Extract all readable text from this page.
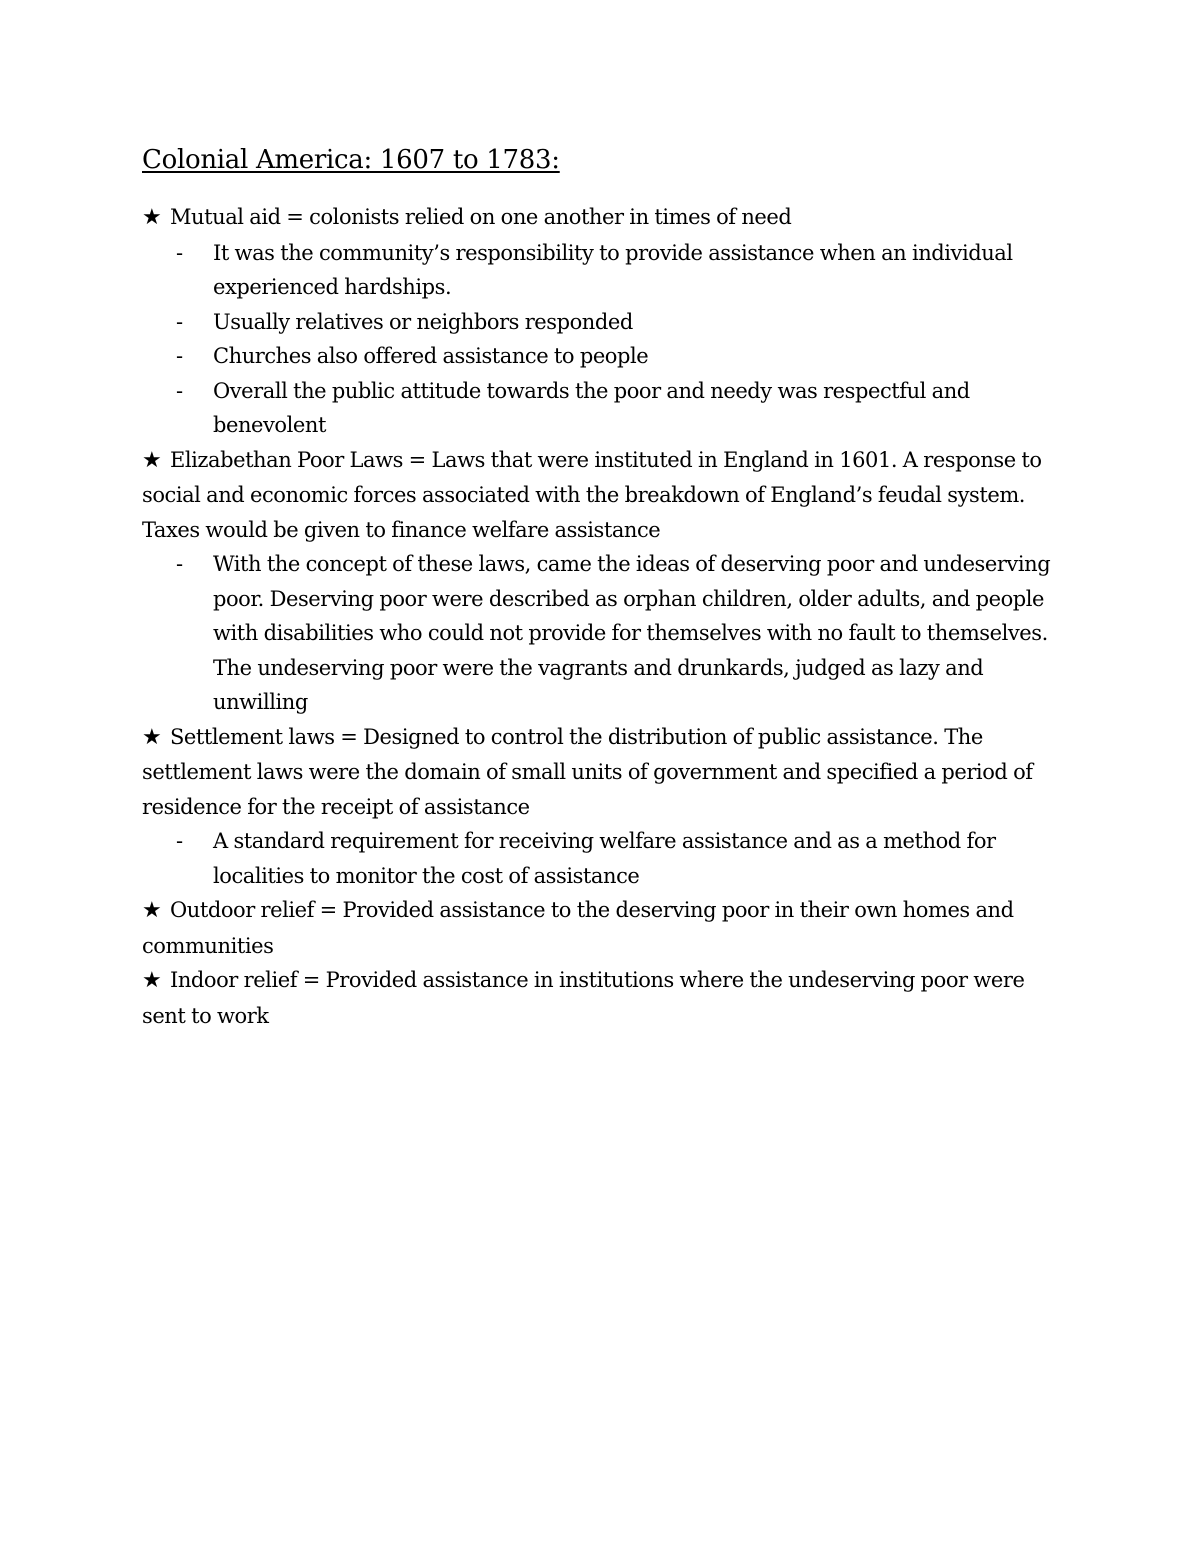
Colonial America: 1607 to 1783:
★ Mutual aid = colonists relied on one another in times of need
- It was the community’s responsibility to provide assistance when an individual experienced hardships.
- Usually relatives or neighbors responded
- Churches also offered assistance to people
- Overall the public attitude towards the poor and needy was respectful and benevolent
★ Elizabethan Poor Laws = Laws that were instituted in England in 1601. A response to social and economic forces associated with the breakdown of England’s feudal system. Taxes would be given to finance welfare assistance
- With the concept of these laws, came the ideas of deserving poor and undeserving poor. Deserving poor were described as orphan children, older adults, and people with disabilities who could not provide for themselves with no fault to themselves. The undeserving poor were the vagrants and drunkards, judged as lazy and unwilling
★ Settlement laws = Designed to control the distribution of public assistance. The settlement laws were the domain of small units of government and specified a period of residence for the receipt of assistance
- A standard requirement for receiving welfare assistance and as a method for localities to monitor the cost of assistance
★ Outdoor relief = Provided assistance to the deserving poor in their own homes and communities
★ Indoor relief = Provided assistance in institutions where the undeserving poor were sent to work
